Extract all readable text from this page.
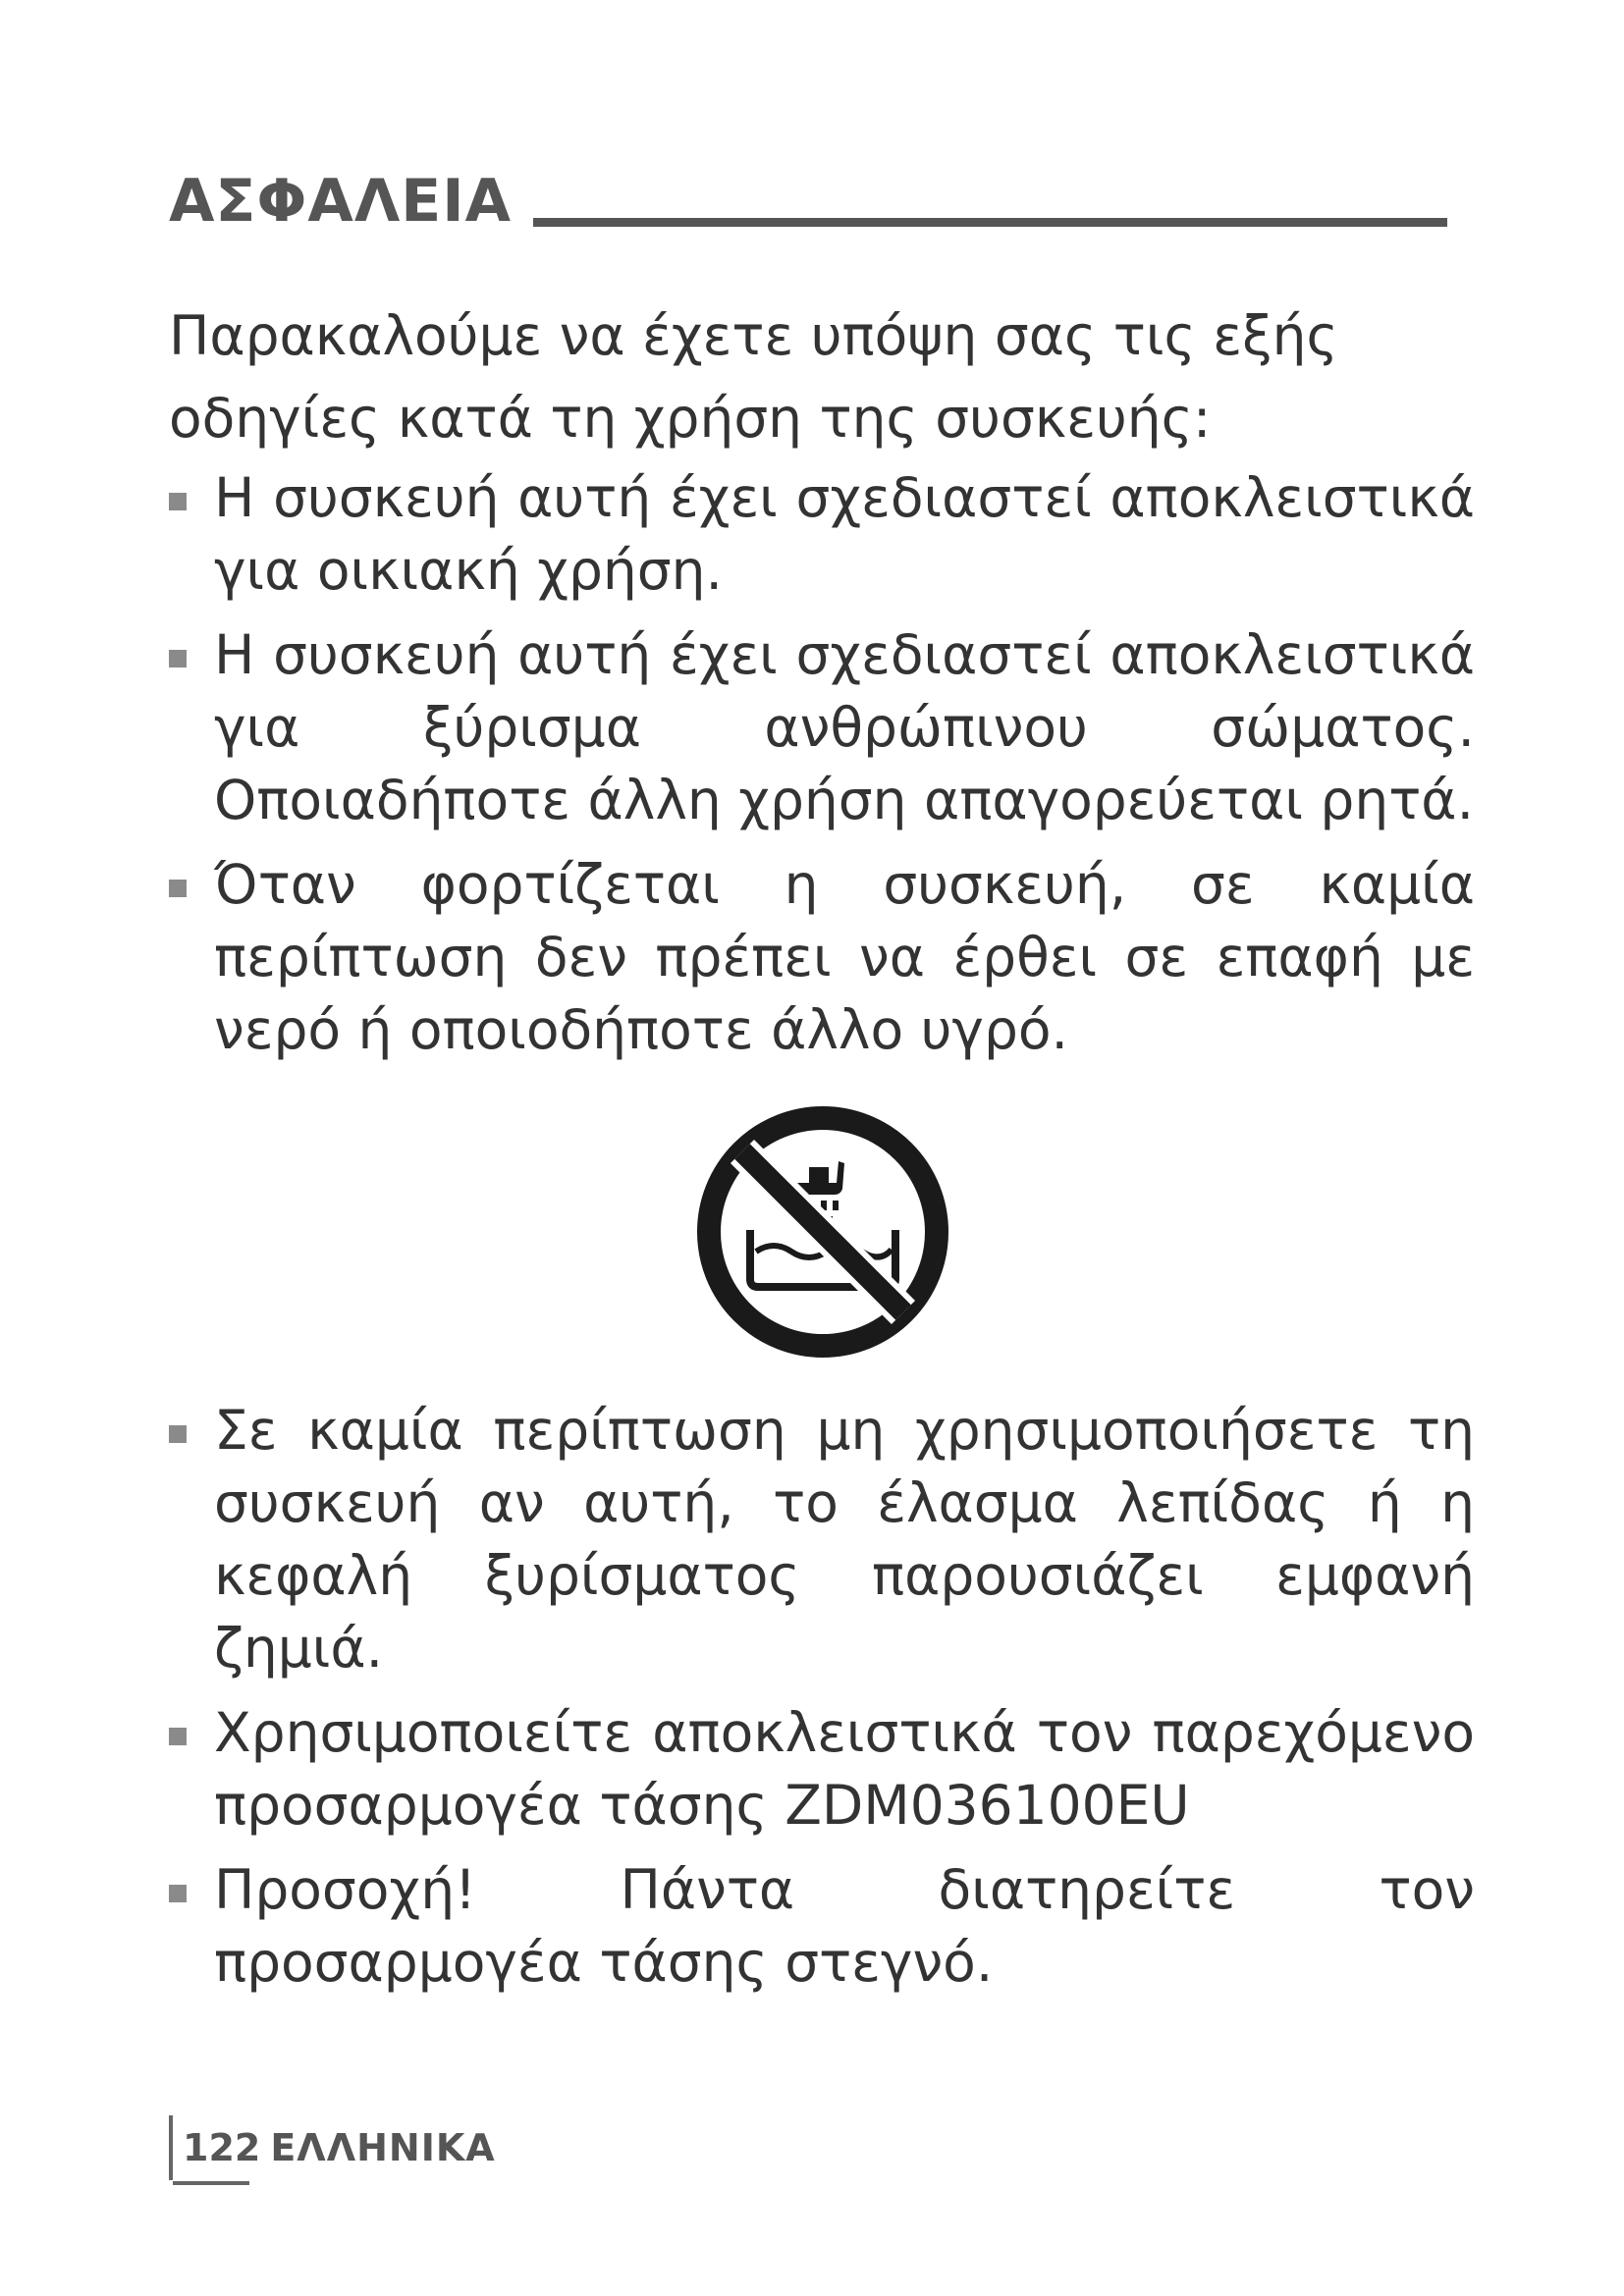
ΑΣΦΑΛΕΙΑ

Παρακαλούμε να έχετε υπόψη σας τις εξής οδηγίες κατά τη χρήση της συσκευής:

Η συσκευή αυτή έχει σχεδιαστεί αποκλειστικά για οικιακή χρήση.
Η συσκευή αυτή έχει σχεδιαστεί αποκλειστικά για ξύρισμα ανθρώπινου σώματος. Οποιαδήποτε άλλη χρήση απαγορεύεται ρητά.
Όταν φορτίζεται η συσκευή, σε καμία περίπτωση δεν πρέπει να έρθει σε επαφή με νερό ή οποιοδήποτε άλλο υγρό.
Σε καμία περίπτωση μη χρησιμοποιήσετε τη συσκευή αν αυτή, το έλασμα λεπίδας ή η κεφαλή ξυρίσματος παρουσιάζει εμφανή ζημιά.
Χρησιμοποιείτε αποκλειστικά τον παρεχόμενο προσαρμογέα τάσης ZDM036100EU
Προσοχή! Πάντα διατηρείτε τον προσαρμογέα τάσης στεγνό.
122 ΕΛΛΗΝΙΚΑ
